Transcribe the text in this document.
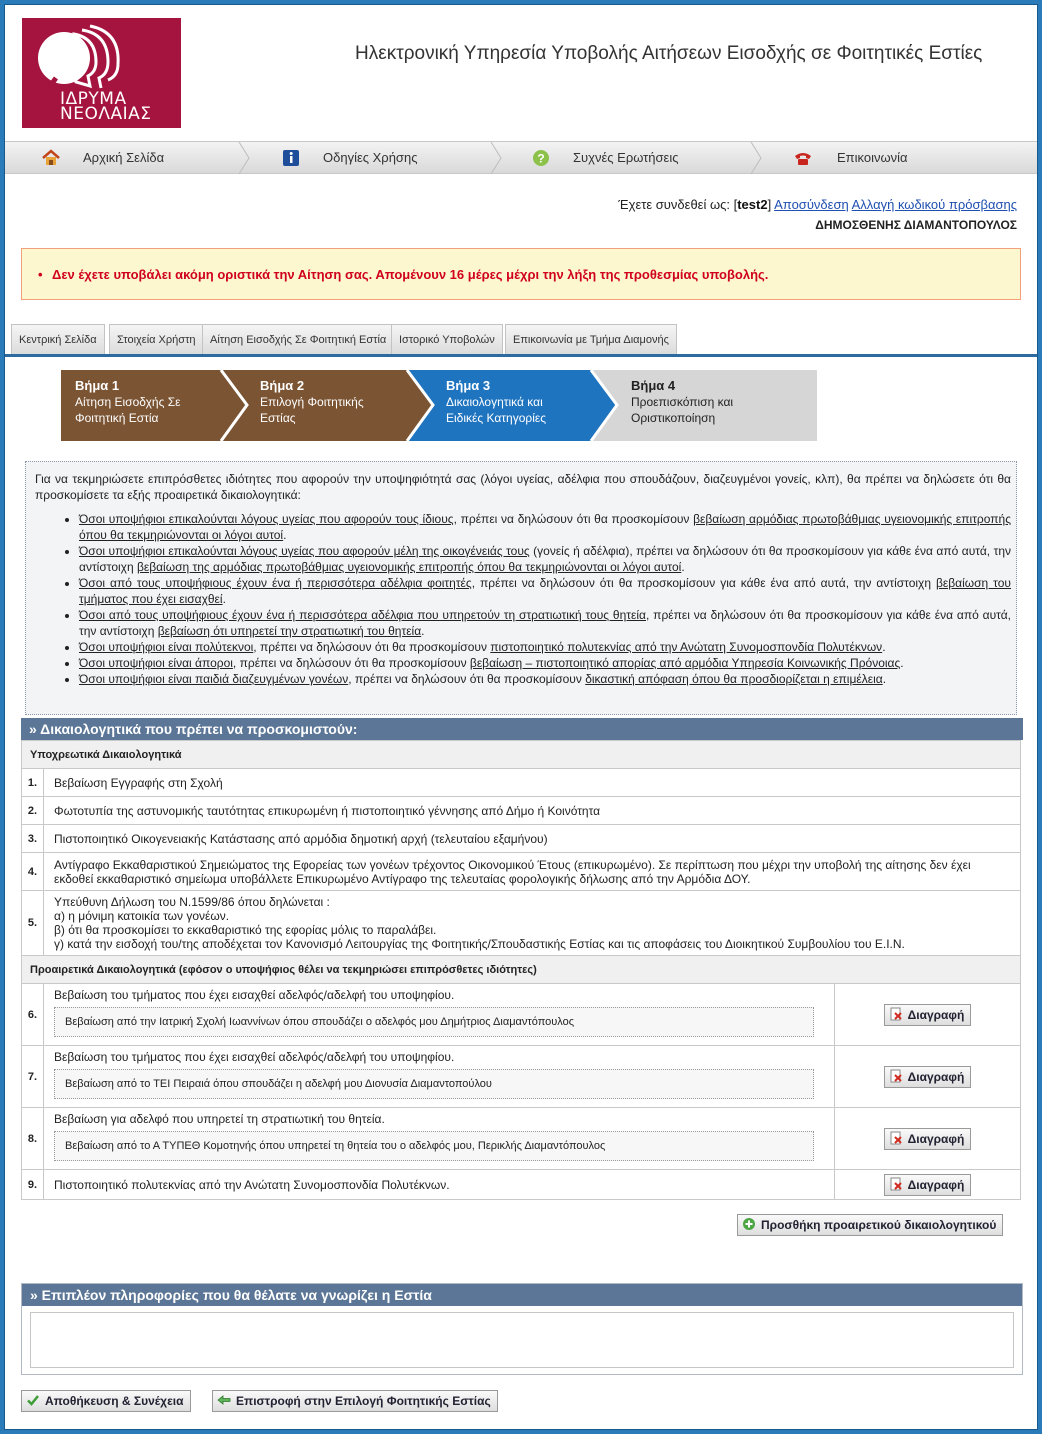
ΙΔΡΥΜΑ
ΝΕΟΛΑΙΑΣ
Ηλεκτρονική Υπηρεσία Υποβολής Αιτήσεων Εισοδχής σε Φοιτητικές Εστίες
Αρχική Σελίδα	Οδηγίες Χρήσης	? Συχνές Ερωτήσεις	Επικοινωνία
Έχετε συνδεθεί ως: [test2] Αποσύνδεση Αλλαγή κωδικού πρόσβασης
ΔΗΜΟΣΘΕΝΗΣ ΔΙΑΜΑΝΤΟΠΟΥΛΟΣ
• Δεν έχετε υποβάλει ακόμη οριστικά την Αίτηση σας. Απομένουν 16 μέρες μέχρι την λήξη της προθεσμίας υποβολής.
Κεντρική Σελίδα	Στοιχεία Χρήστη	Αίτηση Εισοδχής Σε Φοιτητική Εστία	Ιστορικό Υποβολών	Επικοινωνία με Τμήμα Διαμονής
Βήμα 1
Αίτηση Εισοδχής Σε
Φοιτητική Εστία
Βήμα 2
Επιλογή Φοιτητικής
Εστίας
Βήμα 3
Δικαιολογητικά και
Ειδικές Κατηγορίες
Βήμα 4
Προεπισκόπιση και
Οριστικοποίηση
Για να τεκμηριώσετε επιπρόσθετες ιδιότητες που αφορούν την υποψηφιότητά σας (λόγοι υγείας, αδέλφια που σπουδάζουν, διαζευγμένοι γονείς, κλπ), θα πρέπει να δηλώσετε ότι θα προσκομίσετε τα εξής προαιρετικά δικαιολογητικά:
• Όσοι υποψήφιοι επικαλούνται λόγους υγείας που αφορούν τους ίδιους, πρέπει να δηλώσουν ότι θα προσκομίσουν βεβαίωση αρμόδιας πρωτοβάθμιας υγειονομικής επιτροπής όπου θα τεκμηριώνονται οι λόγοι αυτοί.
• Όσοι υποψήφιοι επικαλούνται λόγους υγείας που αφορούν μέλη της οικογένειάς τους (γονείς ή αδέλφια), πρέπει να δηλώσουν ότι θα προσκομίσουν για κάθε ένα από αυτά, την αντίστοιχη βεβαίωση της αρμόδιας πρωτοβάθμιας υγειονομικής επιτροπής όπου θα τεκμηριώνονται οι λόγοι αυτοί.
• Όσοι από τους υποψήφιους έχουν ένα ή περισσότερα αδέλφια φοιτητές, πρέπει να δηλώσουν ότι θα προσκομίσουν για κάθε ένα από αυτά, την αντίστοιχη βεβαίωση του τμήματος που έχει εισαχθεί.
• Όσοι από τους υποψήφιους έχουν ένα ή περισσότερα αδέλφια που υπηρετούν τη στρατιωτική τους θητεία, πρέπει να δηλώσουν ότι θα προσκομίσουν για κάθε ένα από αυτά, την αντίστοιχη βεβαίωση ότι υπηρετεί την στρατιωτική του θητεία.
• Όσοι υποψήφιοι είναι πολύτεκνοι, πρέπει να δηλώσουν ότι θα προσκομίσουν πιστοποιητικό πολυτεκνίας από την Ανώτατη Συνομοσπονδία Πολυτέκνων.
• Όσοι υποψήφιοι είναι άποροι, πρέπει να δηλώσουν ότι θα προσκομίσουν βεβαίωση – πιστοποιητικό απορίας από αρμόδια Υπηρεσία Κοινωνικής Πρόνοιας.
• Όσοι υποψήφιοι είναι παιδιά διαζευγμένων γονέων, πρέπει να δηλώσουν ότι θα προσκομίσουν δικαστική απόφαση όπου θα προσδιορίζεται η επιμέλεια.
» Δικαιολογητικά που πρέπει να προσκομιστούν:
Υποχρεωτικά Δικαιολογητικά		
1.	Βεβαίωση Εγγραφής στη Σχολή	
2.	Φωτοτυπία της αστυνομικής ταυτότητας επικυρωμένη ή πιστοποιητικό γέννησης από Δήμο ή Κοινότητα	
3.	Πιστοποιητικό Οικογενειακής Κατάστασης από αρμόδια δημοτική αρχή (τελευταίου εξαμήνου)	
4.	Αντίγραφο Εκκαθαριστικού Σημειώματος της Εφορείας των γονέων τρέχοντος Οικονομικού Έτους (επικυρωμένο). Σε περίπτωση που μέχρι την υποβολή της αίτησης δεν έχει εκδοθεί εκκαθαριστικό σημείωμα υποβάλλετε Επικυρωμένο Αντίγραφο της τελευταίας φορολογικής δήλωσης από την Αρμόδια ΔΟΥ.	
5.	Υπεύθυνη Δήλωση του Ν.1599/86 όπου δηλώνεται :
α) η μόνιμη κατοικία των γονέων.
β) ότι θα προσκομίσει το εκκαθαριστικό της εφορίας μόλις το παραλάβει.
γ) κατά την εισδοχή του/της αποδέχεται τον Κανονισμό Λειτουργίας της Φοιτητικής/Σπουδαστικής Εστίας και τις αποφάσεις του Διοικητικού Συμβουλίου του Ε.Ι.Ν.	

Προαιρετικά Δικαιολογητικά (εφόσον ο υποψήφιος θέλει να τεκμηριώσει επιπρόσθετες ιδιότητες)		
6.	Βεβαίωση του τμήματος που έχει εισαχθεί αδελφός/αδελφή του υποψηφίου.
Βεβαίωση από την Ιατρική Σχολή Ιωαννίνων όπου σπουδάζει ο αδελφός μου Δημήτριος Διαμαντόπουλος	Διαγραφή
7.	Βεβαίωση του τμήματος που έχει εισαχθεί αδελφός/αδελφή του υποψηφίου.
Βεβαίωση από το ΤΕΙ Πειραιά όπου σπουδάζει η αδελφή μου Διονυσία Διαμαντοπούλου	Διαγραφή
8.	Βεβαίωση για αδελφό που υπηρετεί τη στρατιωτική του θητεία.
Βεβαίωση από το Α ΤΥΠΕΘ Κομοτηνής όπου υπηρετεί τη θητεία του ο αδελφός μου, Περικλής Διαμαντόπουλος	Διαγραφή
9.	Πιστοποιητικό πολυτεκνίας από την Ανώτατη Συνομοσπονδία Πολυτέκνων.	Διαγραφή
Προσθήκη προαιρετικού δικαιολογητικού
» Επιπλέον πληροφορίες που θα θέλατε να γνωρίζει η Εστία
Αποθήκευση & Συνέχεια	Επιστροφή στην Επιλογή Φοιτητικής Εστίας
